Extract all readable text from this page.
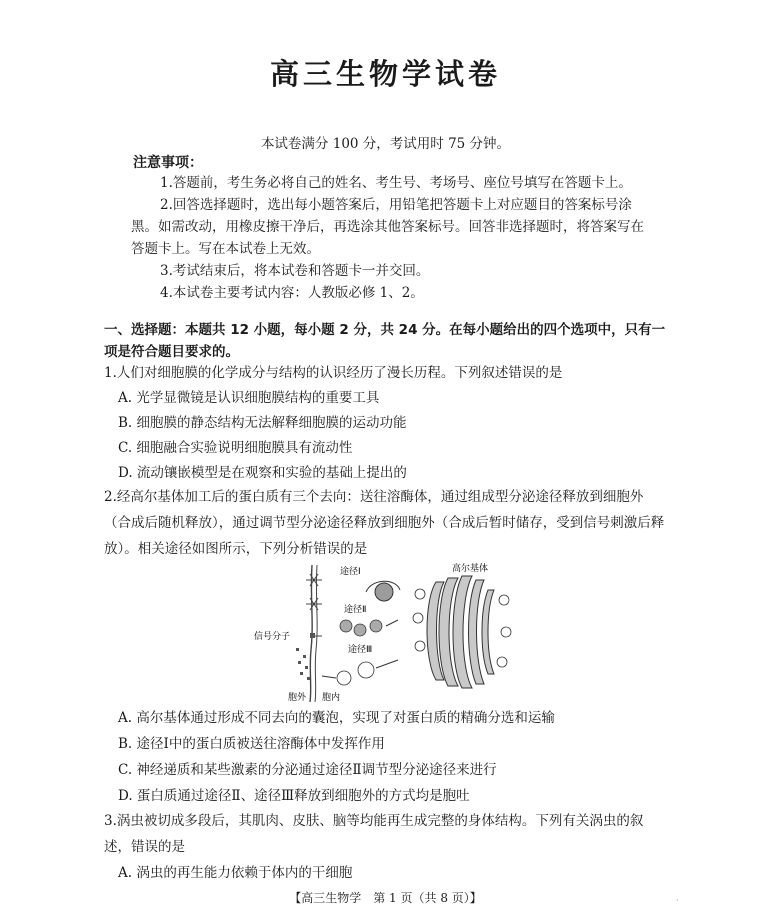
高三生物学试卷
本试卷满分 100 分，考试用时 75 分钟。
注意事项：
1.答题前，考生务必将自己的姓名、考生号、考场号、座位号填写在答题卡上。
2.回答选择题时，选出每小题答案后，用铅笔把答题卡上对应题目的答案标号涂
黑。如需改动，用橡皮擦干净后，再选涂其他答案标号。回答非选择题时，将答案写在
答题卡上。写在本试卷上无效。
3.考试结束后，将本试卷和答题卡一并交回。
4.本试卷主要考试内容：人教版必修 1、2。
一、选择题：本题共 12 小题，每小题 2 分，共 24 分。在每小题给出的四个选项中，只有一项是符合题目要求的。
1.人们对细胞膜的化学成分与结构的认识经历了漫长历程。下列叙述错误的是
A. 光学显微镜是认识细胞膜结构的重要工具
B. 细胞膜的静态结构无法解释细胞膜的运动功能
C. 细胞融合实验说明细胞膜具有流动性
D. 流动镶嵌模型是在观察和实验的基础上提出的
2.经高尔基体加工后的蛋白质有三个去向：送往溶酶体，通过组成型分泌途径释放到细胞外（合成后随机释放），通过调节型分泌途径释放到细胞外（合成后暂时储存，受到信号刺激后释放）。相关途径如图所示，下列分析错误的是
途径Ⅰ
途径Ⅱ
途径Ⅲ
高尔基体
信号分子
胞外 胞内
A. 高尔基体通过形成不同去向的囊泡，实现了对蛋白质的精确分选和运输
B. 途径Ⅰ中的蛋白质被送往溶酶体中发挥作用
C. 神经递质和某些激素的分泌通过途径Ⅱ调节型分泌途径来进行
D. 蛋白质通过途径Ⅱ、途径Ⅲ释放到细胞外的方式均是胞吐
3.涡虫被切成多段后，其肌肉、皮肤、脑等均能再生成完整的身体结构。下列有关涡虫的叙述，错误的是
A. 涡虫的再生能力依赖于体内的干细胞
【高三生物学　第 1 页（共 8 页）】	·
